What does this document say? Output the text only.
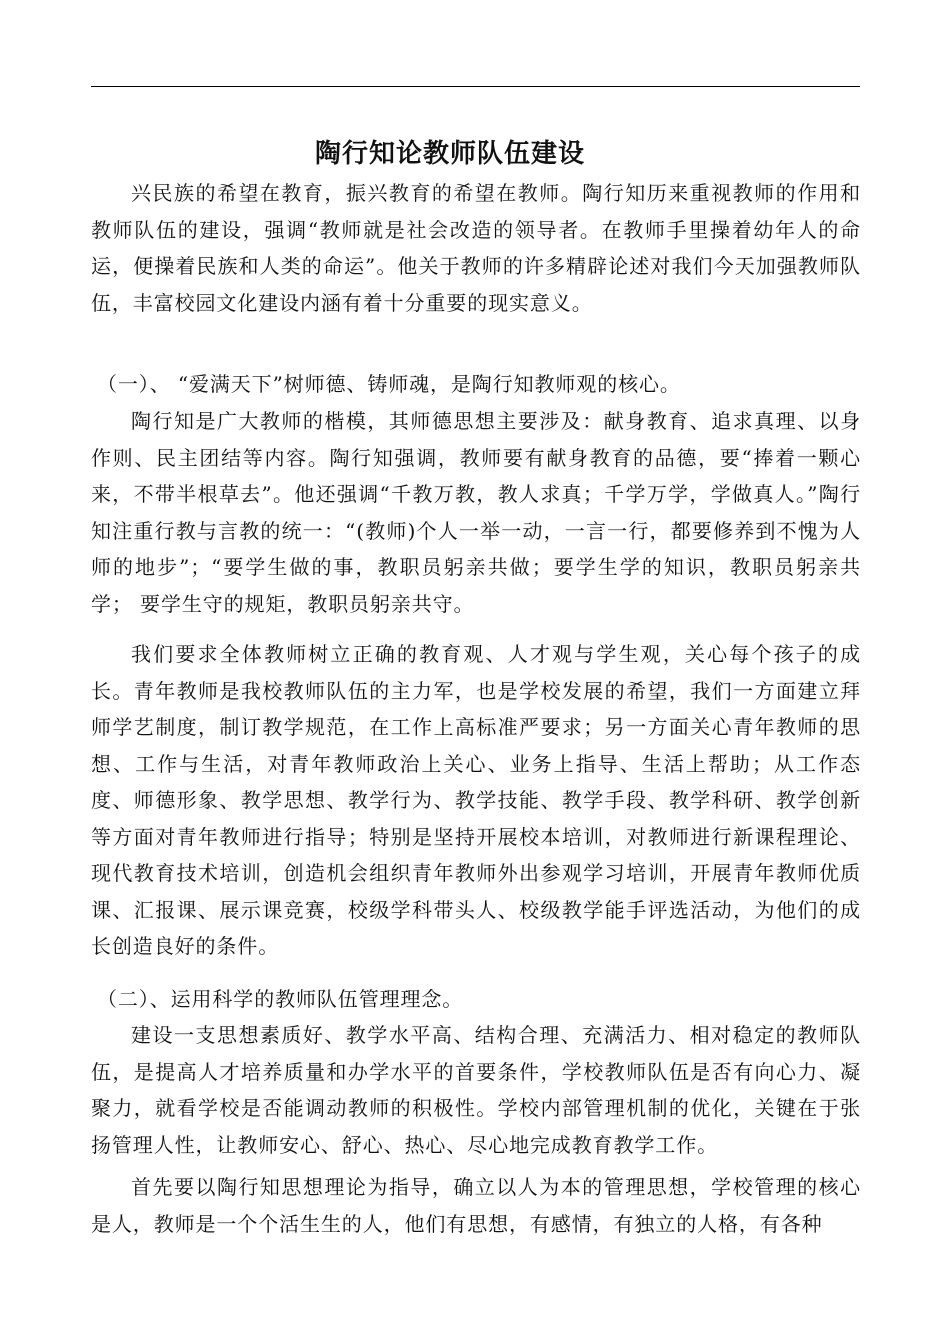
陶行知论教师队伍建设

兴民族的希望在教育，振兴教育的希望在教师。陶行知历来重视教师的作用和教师队伍的建设，强调“教师就是社会改造的领导者。在教师手里操着幼年人的命运，便操着民族和人类的命运”。他关于教师的许多精辟论述对我们今天加强教师队伍，丰富校园文化建设内涵有着十分重要的现实意义。

（一）、 “爱满天下”树师德、铸师魂，是陶行知教师观的核心。

陶行知是广大教师的楷模，其师德思想主要涉及：献身教育、追求真理、以身作则、民主团结等内容。陶行知强调，教师要有献身教育的品德，要“捧着一颗心来，不带半根草去”。他还强调“千教万教，教人求真；千学万学，学做真人。”陶行知注重行教与言教的统一：“(教师)个人一举一动，一言一行，都要修养到不愧为人师的地步”；“要学生做的事，教职员躬亲共做；要学生学的知识，教职员躬亲共学； 要学生守的规矩，教职员躬亲共守。

我们要求全体教师树立正确的教育观、人才观与学生观，关心每个孩子的成长。青年教师是我校教师队伍的主力军，也是学校发展的希望，我们一方面建立拜师学艺制度，制订教学规范，在工作上高标准严要求；另一方面关心青年教师的思想、工作与生活，对青年教师政治上关心、业务上指导、生活上帮助；从工作态度、师德形象、教学思想、教学行为、教学技能、教学手段、教学科研、教学创新等方面对青年教师进行指导；特别是坚持开展校本培训，对教师进行新课程理论、现代教育技术培训，创造机会组织青年教师外出参观学习培训，开展青年教师优质课、汇报课、展示课竞赛，校级学科带头人、校级教学能手评选活动，为他们的成长创造良好的条件。

（二）、运用科学的教师队伍管理理念。

建设一支思想素质好、教学水平高、结构合理、充满活力、相对稳定的教师队伍，是提高人才培养质量和办学水平的首要条件，学校教师队伍是否有向心力、凝聚力，就看学校是否能调动教师的积极性。学校内部管理机制的优化，关键在于张扬管理人性，让教师安心、舒心、热心、尽心地完成教育教学工作。

首先要以陶行知思想理论为指导，确立以人为本的管理思想，学校管理的核心是人，教师是一个个活生生的人，他们有思想，有感情，有独立的人格，有各种
